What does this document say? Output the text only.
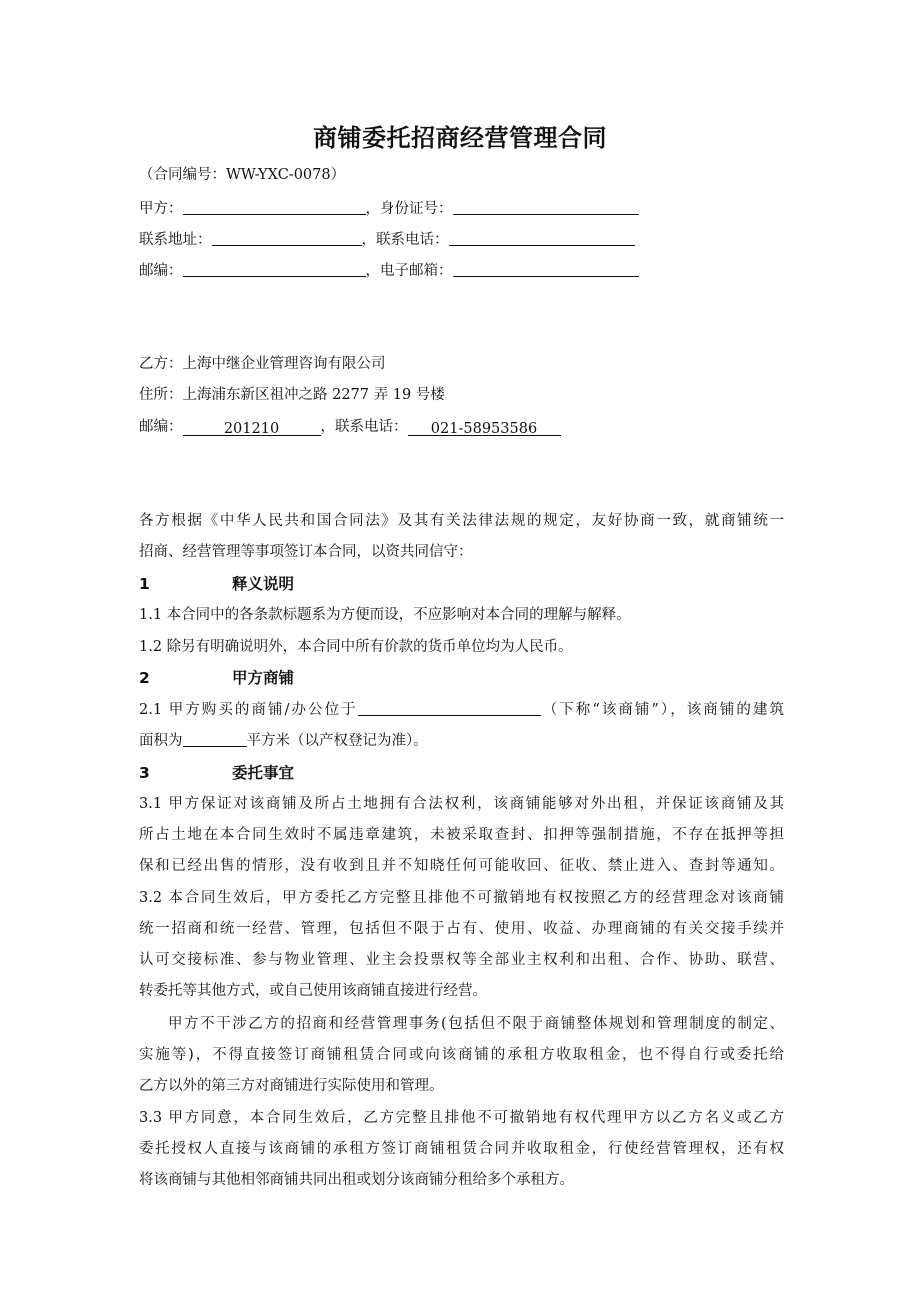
商铺委托招商经营管理合同
（合同编号：WW-YXC-0078）
甲方：	，身份证号：
联系地址：	，联系电话：
邮编：	，电子邮箱：
乙方：上海中继企业管理咨询有限公司
住所：上海浦东新区祖冲之路 2277 弄 19 号楼
邮编：	201210	，联系电话： 021-58953586
各方根据《中华人民共和国合同法》及其有关法律法规的规定，友好协商一致，就商铺统一
招商、经营管理等事项签订本合同，以资共同信守：
1	释义说明
1.1 本合同中的各条款标题系为方便而设，不应影响对本合同的理解与解释。
1.2 除另有明确说明外，本合同中所有价款的货币单位均为人民币。
2	甲方商铺
2.1 甲方购买的商铺/办公位于	（下称“该商铺”），该商铺的建筑
面积为	平方米（以产权登记为准）。
3	委托事宜
3.1 甲方保证对该商铺及所占土地拥有合法权利，该商铺能够对外出租，并保证该商铺及其
所占土地在本合同生效时不属违章建筑，未被采取查封、扣押等强制措施，不存在抵押等担
保和已经出售的情形，没有收到且并不知晓任何可能收回、征收、禁止进入、查封等通知。
3.2 本合同生效后，甲方委托乙方完整且排他不可撤销地有权按照乙方的经营理念对该商铺
统一招商和统一经营、管理，包括但不限于占有、使用、收益、办理商铺的有关交接手续并
认可交接标准、参与物业管理、业主会投票权等全部业主权利和出租、合作、协助、联营、
转委托等其他方式，或自己使用该商铺直接进行经营。
甲方不干涉乙方的招商和经营管理事务(包括但不限于商铺整体规划和管理制度的制定、
实施等)，不得直接签订商铺租赁合同或向该商铺的承租方收取租金，也不得自行或委托给
乙方以外的第三方对商铺进行实际使用和管理。
3.3 甲方同意，本合同生效后，乙方完整且排他不可撤销地有权代理甲方以乙方名义或乙方
委托授权人直接与该商铺的承租方签订商铺租赁合同并收取租金，行使经营管理权，还有权
将该商铺与其他相邻商铺共同出租或划分该商铺分租给多个承租方。
